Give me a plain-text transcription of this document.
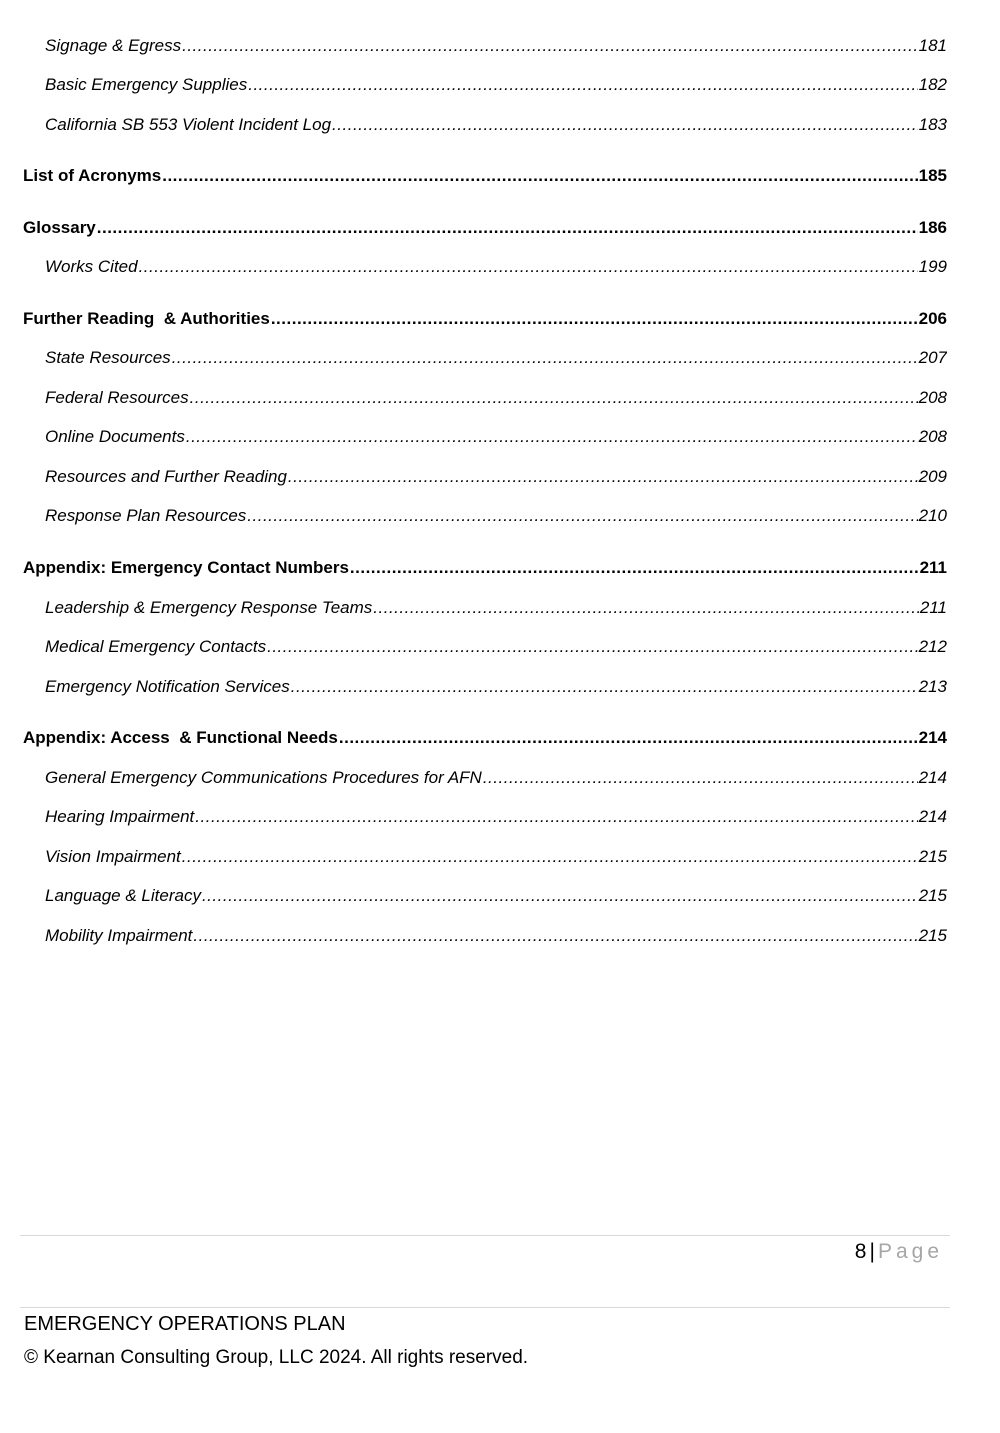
Signage & Egress .....	181
Basic Emergency Supplies .....	182
California SB 553 Violent Incident Log .....	183
List of Acronyms .....	185
Glossary .....	186
Works Cited .....	199
Further Reading  & Authorities .....	206
State Resources .....	207
Federal Resources .....	208
Online Documents .....	208
Resources and Further Reading .....	209
Response Plan Resources .....	210
Appendix: Emergency Contact Numbers .....	211
Leadership & Emergency Response Teams .....	211
Medical Emergency Contacts .....	212
Emergency Notification Services .....	213
Appendix: Access  & Functional Needs .....	214
General Emergency Communications Procedures for AFN .....	214
Hearing Impairment .....	214
Vision Impairment .....	215
Language & Literacy .....	215
Mobility Impairment .....	215
8 | Page
EMERGENCY OPERATIONS PLAN
© Kearnan Consulting Group, LLC 2024. All rights reserved.
